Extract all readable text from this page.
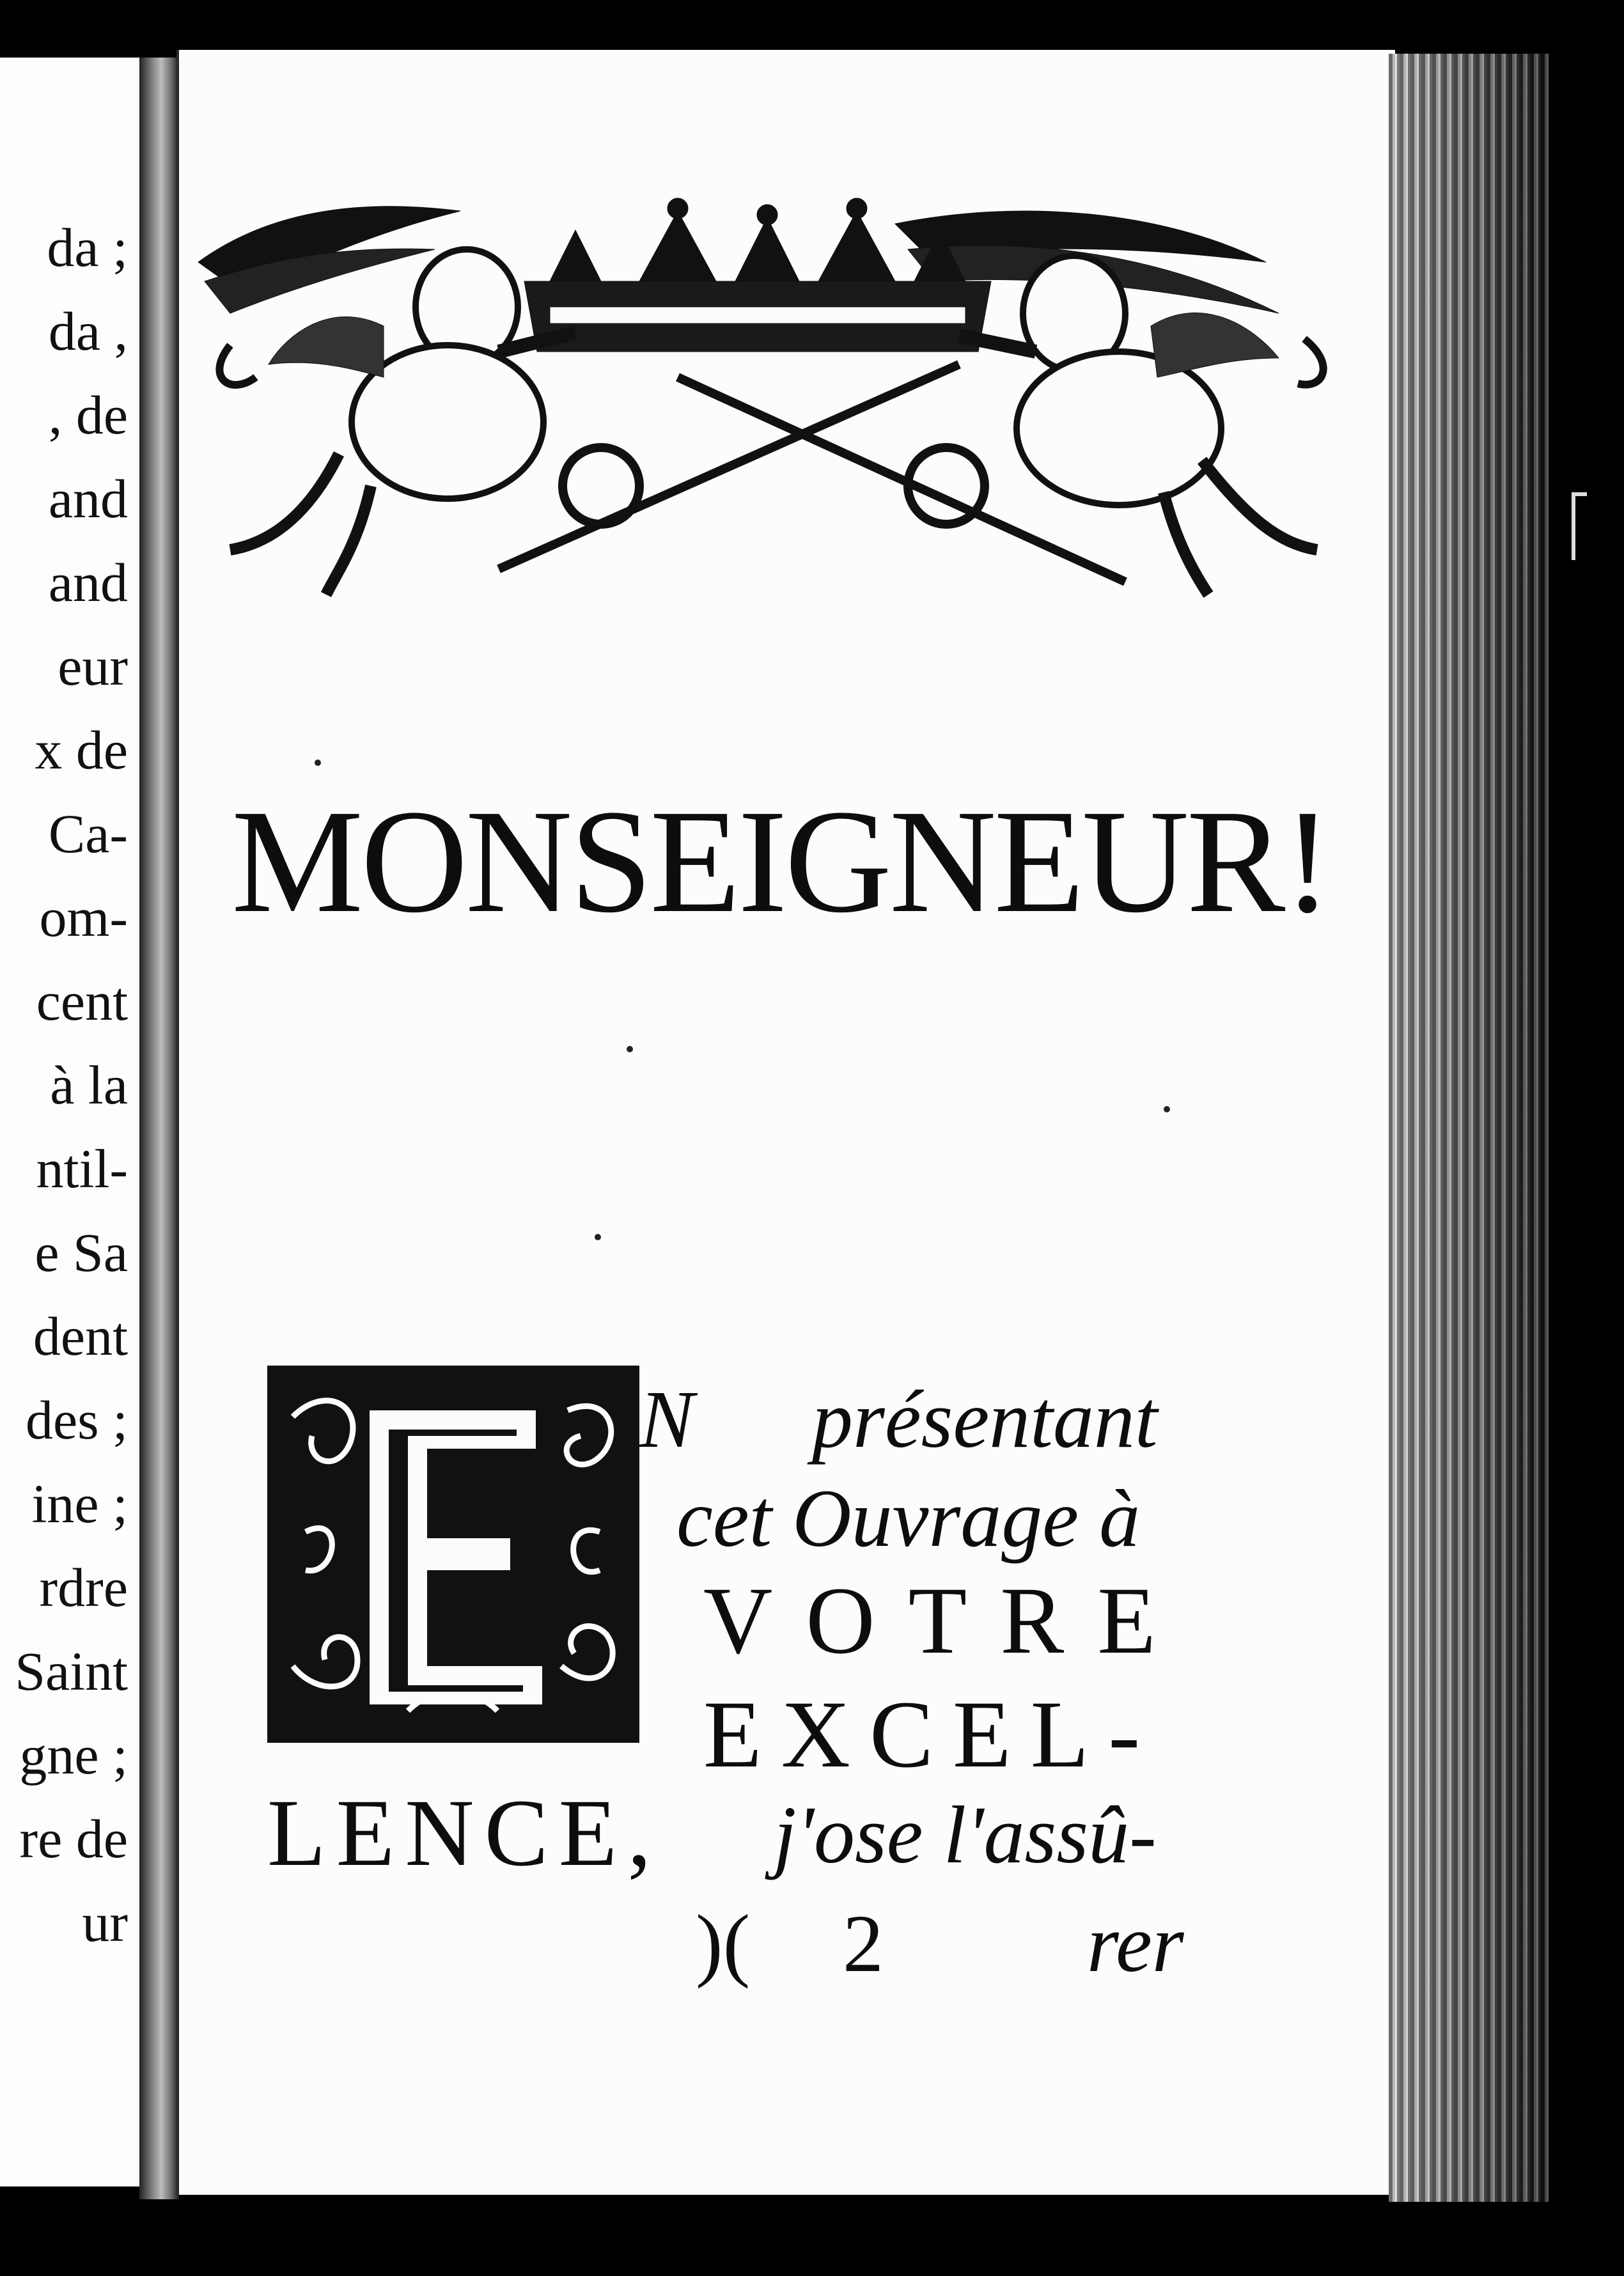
da ;
da ,
, de
and
and
eur
x de
Ca-
om-
cent
à la
ntil-
e Sa
dent
des ;
ine ;
rdre
Saint
gne ;
re de
ur
MONSEIGNEUR!
E
N présentant
cet Ouvrage à
VOTRE
EXCEL-
LENCE, j'ose l'assû-
)( 2 rer
